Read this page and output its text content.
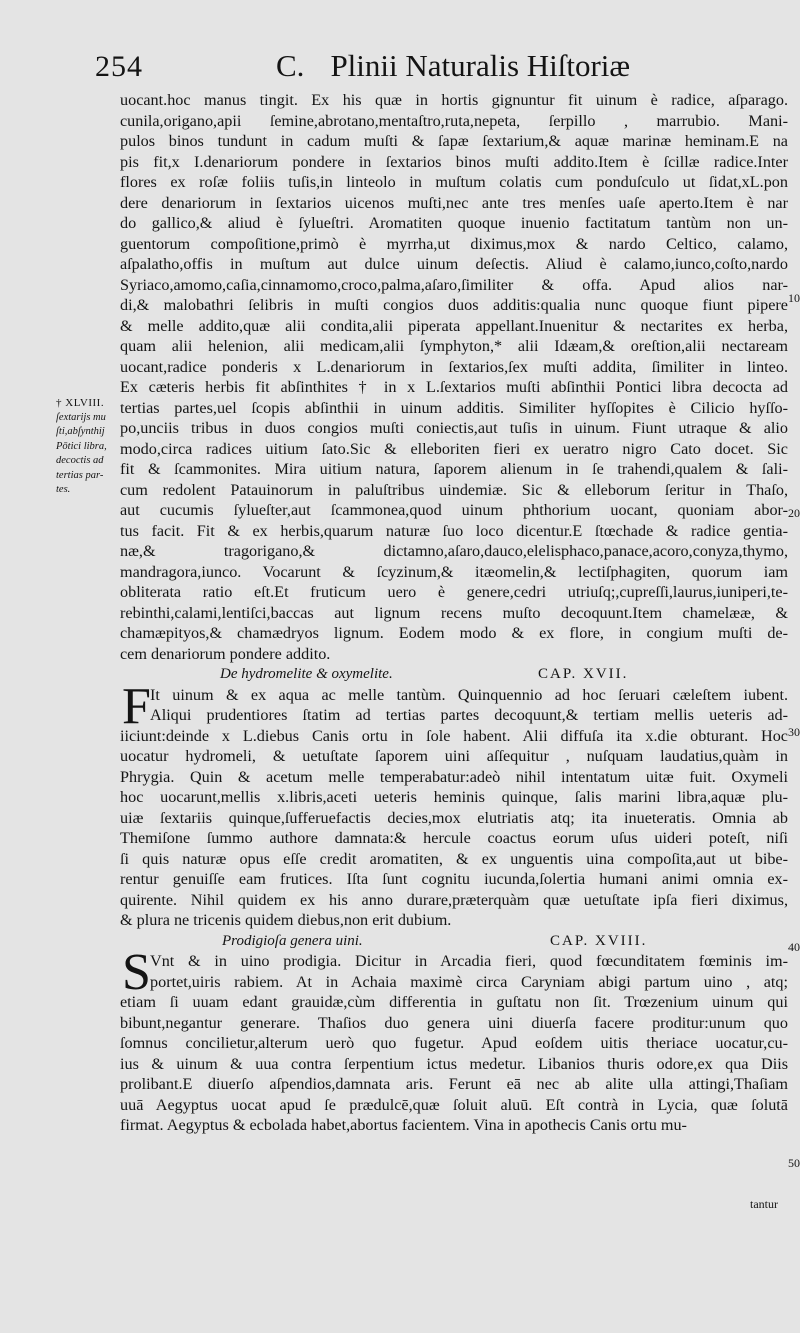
254	C. Plinii Naturalis Hiſtoriæ
† XLVIII.
ſextarijs mu
ſti,abſynthij
Pōtici libra,
decoctis ad
tertias par-
tes.
10
20
30
40
50
uocant.hoc manus tingit. Ex his quæ in hortis gignuntur fit uinum è radice, aſparago.
cunila,origano,apii ſemine,abrotano,mentaſtro,ruta,nepeta, ſerpillo , marrubio. Mani-
pulos binos tundunt in cadum muſti & ſapæ ſextarium,& aquæ marinæ heminam.E na
pis fit,x I.denariorum pondere in ſextarios binos muſti addito.Item è ſcillæ radice.Inter
flores ex roſæ foliis tuſis,in linteolo in muſtum colatis cum ponduſculo ut ſidat,xL.pon
dere denariorum in ſextarios uicenos muſti,nec ante tres menſes uaſe aperto.Item è nar
do gallico,& aliud è ſylueſtri. Aromatiten quoque inuenio factitatum tantùm non un-
guentorum compoſitione,primò è myrrha,ut diximus,mox & nardo Celtico, calamo,
aſpalatho,offis in muſtum aut dulce uinum deſectis. Aliud è calamo,iunco,coſto,nardo
Syriaco,amomo,caſia,cinnamomo,croco,palma,aſaro,ſimiliter & offa. Apud alios nar-
di,& malobathri ſelibris in muſti congios duos additis:qualia nunc quoque fiunt pipere
& melle addito,quæ alii condita,alii piperata appellant.Inuenitur & nectarites ex herba,
quam alii helenion, alii medicam,alii ſymphyton,* alii Idæam,& oreſtion,alii nectaream
uocant,radice ponderis x L.denariorum in ſextarios,ſex muſti addita, ſimiliter in linteo.
Ex cæteris herbis fit abſinthites † in x L.ſextarios muſti abſinthii Pontici libra decocta ad
tertias partes,uel ſcopis abſinthii in uinum additis. Similiter hyſſopites è Cilicio hyſſo-
po,unciis tribus in duos congios muſti coniectis,aut tuſis in uinum. Fiunt utraque & alio
modo,circa radices uitium ſato.Sic & elleboriten fieri ex ueratro nigro Cato docet. Sic
fit & ſcammonites. Mira uitium natura, ſaporem alienum in ſe trahendi,qualem & ſali-
cum redolent Patauinorum in paluſtribus uindemiæ. Sic & elleborum ſeritur in Thaſo,
aut cucumis ſylueſter,aut ſcammonea,quod uinum phthorium uocant, quoniam abor-
tus facit. Fit & ex herbis,quarum naturæ ſuo loco dicentur.E ſtœchade & radice gentia-
næ,& tragorigano,& dictamno,aſaro,dauco,elelisphaco,panace,acoro,conyza,thymo,
mandragora,iunco. Vocarunt & ſcyzinum,& itæomelin,& lectiſphagiten, quorum iam
obliterata ratio eſt.Et fruticum uero è genere,cedri utriuſq;,cupreſſi,laurus,iuniperi,te-
rebinthi,calami,lentiſci,baccas aut lignum recens muſto decoquunt.Item chamelææ, &
chamæpityos,& chamædryos lignum. Eodem modo & ex flore, in congium muſti de-
cem denariorum pondere addito.
De hydromelite & oxymelite.	CAP. XVII.
F It uinum & ex aqua ac melle tantùm. Quinquennio ad hoc ſeruari cæleſtem iubent.
Aliqui prudentiores ſtatim ad tertias partes decoquunt,& tertiam mellis ueteris ad-
iiciunt:deinde x L.diebus Canis ortu in ſole habent. Alii diffuſa ita x.die obturant. Hoc
uocatur hydromeli, & uetuſtate ſaporem uini aſſequitur , nuſquam laudatius,quàm in
Phrygia. Quin & acetum melle temperabatur:adeò nihil intentatum uitæ fuit. Oxymeli
hoc uocarunt,mellis x.libris,aceti ueteris heminis quinque, ſalis marini libra,aquæ plu-
uiæ ſextariis quinque,ſufferuefactis decies,mox elutriatis atq; ita inueteratis. Omnia ab
Themiſone ſummo authore damnata:& hercule coactus eorum uſus uideri poteſt, niſi
ſi quis naturæ opus eſſe credit aromatiten, & ex unguentis uina compoſita,aut ut bibe-
rentur genuiſſe eam frutices. Iſta ſunt cognitu iucunda,ſolertia humani animi omnia ex-
quirente. Nihil quidem ex his anno durare,præterquàm quæ uetuſtate ipſa fieri diximus,
& plura ne tricenis quidem diebus,non erit dubium.
Prodigioſa genera uini.	CAP. XVIII.
S Vnt & in uino prodigia. Dicitur in Arcadia fieri, quod fœcunditatem fœminis im-
portet,uiris rabiem. At in Achaia maximè circa Caryniam abigi partum uino , atq;
etiam ſi uuam edant grauidæ,cùm differentia in guſtatu non ſit. Trœzenium uinum qui
bibunt,negantur generare. Thaſios duo genera uini diuerſa facere proditur:unum quo
ſomnus concilietur,alterum uerò quo fugetur. Apud eoſdem uitis theriace uocatur,cu-
ius & uinum & uua contra ſerpentium ictus medetur. Libanios thuris odore,ex qua Diis
prolibant.E diuerſo aſpendios,damnata aris. Ferunt eā nec ab alite ulla attingi,Thaſiam
uuā Aegyptus uocat apud ſe prædulcē,quæ ſoluit aluū. Eſt contrà in Lycia, quæ ſolutā
firmat. Aegyptus & ecbolada habet,abortus facientem. Vina in apothecis Canis ortu mu-
tantur
